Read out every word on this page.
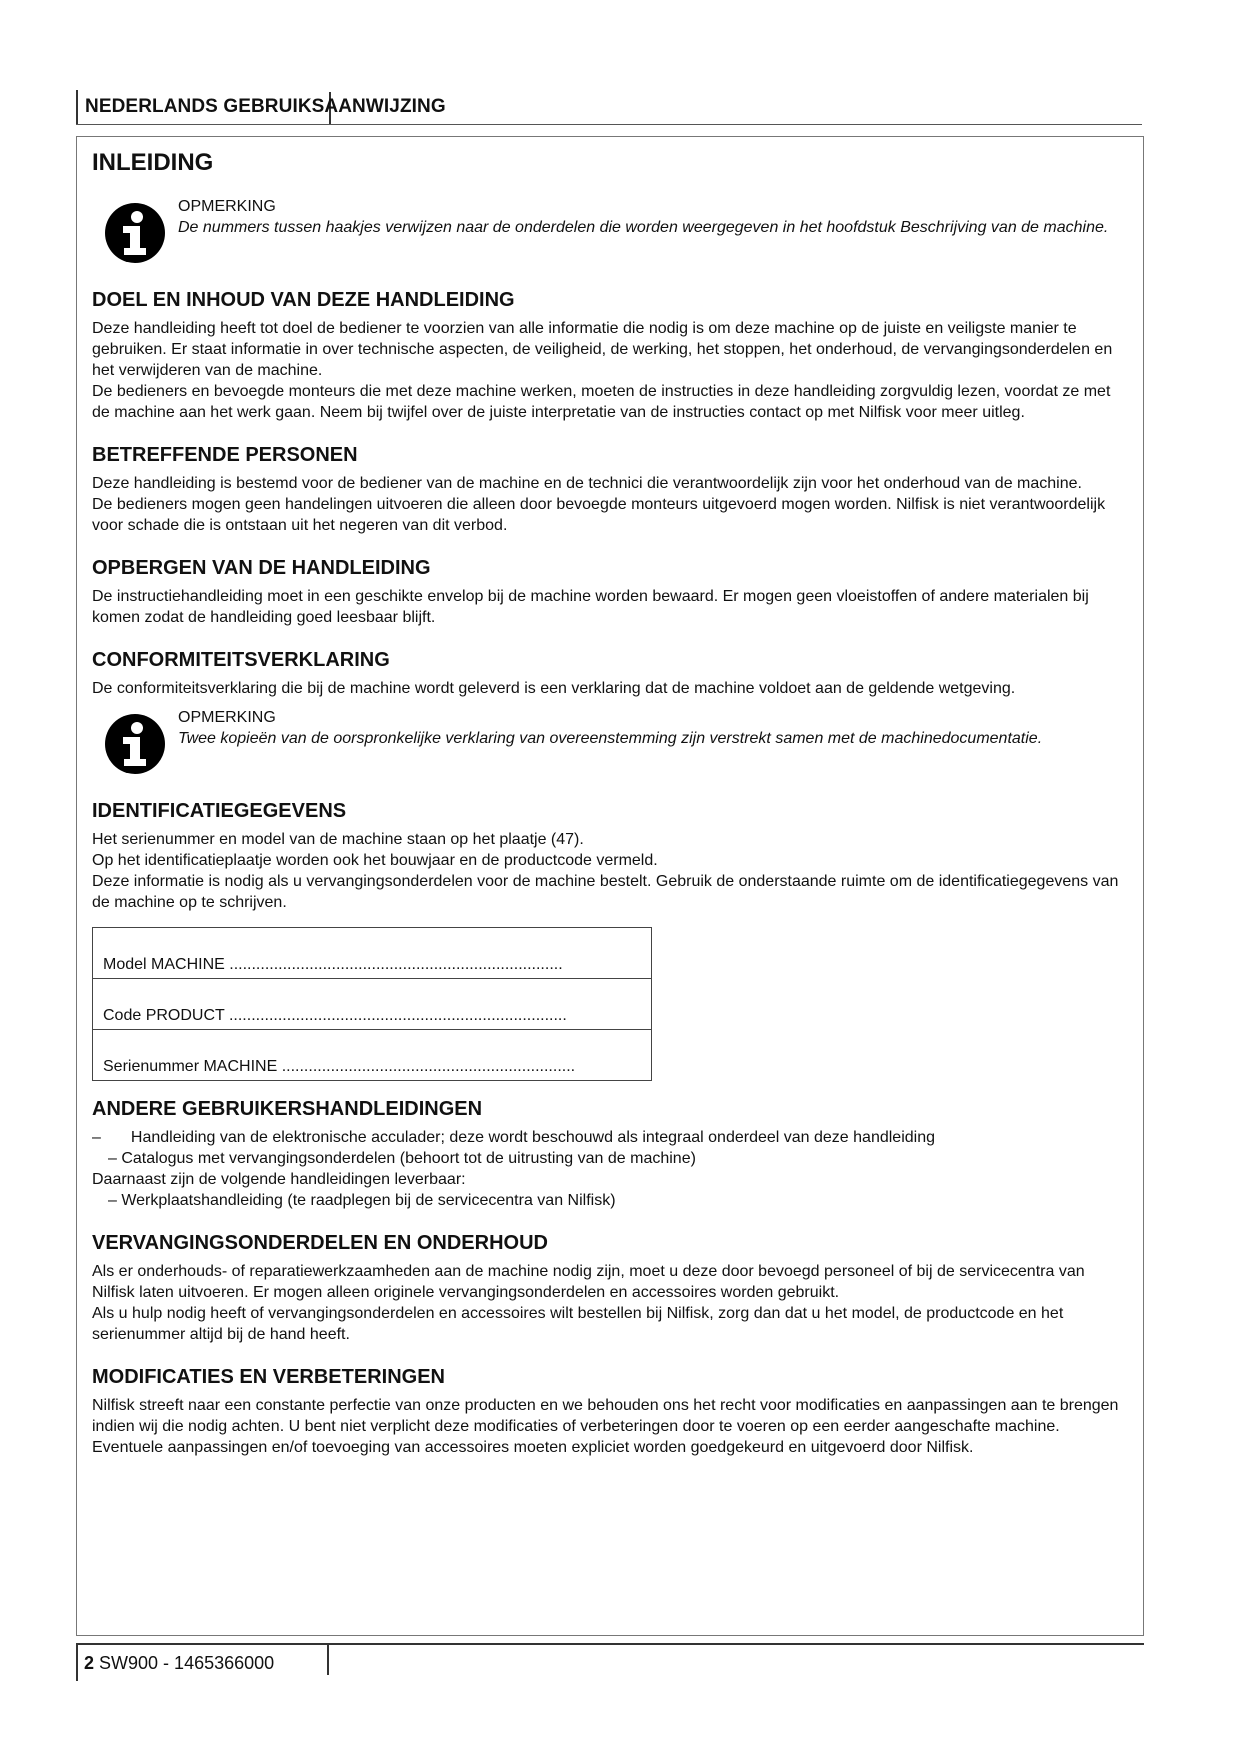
NEDERLANDS GEBRUIKSAANWIJZING
INLEIDING
OPMERKING
De nummers tussen haakjes verwijzen naar de onderdelen die worden weergegeven in het hoofdstuk Beschrijving van de machine.
DOEL EN INHOUD VAN DEZE HANDLEIDING

Deze handleiding heeft tot doel de bediener te voorzien van alle informatie die nodig is om deze machine op de juiste en veiligste manier te gebruiken. Er staat informatie in over technische aspecten, de veiligheid, de werking, het stoppen, het onderhoud, de vervangingsonderdelen en het verwijderen van de machine.

De bedieners en bevoegde monteurs die met deze machine werken, moeten de instructies in deze handleiding zorgvuldig lezen, voordat ze met de machine aan het werk gaan. Neem bij twijfel over de juiste interpretatie van de instructies contact op met Nilfisk voor meer uitleg.

BETREFFENDE PERSONEN

Deze handleiding is bestemd voor de bediener van de machine en de technici die verantwoordelijk zijn voor het onderhoud van de machine.

De bedieners mogen geen handelingen uitvoeren die alleen door bevoegde monteurs uitgevoerd mogen worden. Nilfisk is niet verantwoordelijk voor schade die is ontstaan uit het negeren van dit verbod.

OPBERGEN VAN DE HANDLEIDING

De instructiehandleiding moet in een geschikte envelop bij de machine worden bewaard. Er mogen geen vloeistoffen of andere materialen bij komen zodat de handleiding goed leesbaar blijft.

CONFORMITEITSVERKLARING

De conformiteitsverklaring die bij de machine wordt geleverd is een verklaring dat de machine voldoet aan de geldende wetgeving.

OPMERKING
Twee kopieën van de oorspronkelijke verklaring van overeenstemming zijn verstrekt samen met de machinedocumentatie.
IDENTIFICATIEGEGEVENS

Het serienummer en model van de machine staan op het plaatje (47).

Op het identificatieplaatje worden ook het bouwjaar en de productcode vermeld.

Deze informatie is nodig als u vervangingsonderdelen voor de machine bestelt. Gebruik de onderstaande ruimte om de identificatiegegevens van de machine op te schrijven.

Model MACHINE ...........................................................................
Code PRODUCT ............................................................................
Serienummer MACHINE ..................................................................
ANDERE GEBRUIKERSHANDLEIDINGEN

– Handleiding van de elektronische acculader; deze wordt beschouwd als integraal onderdeel van deze handleiding

– Catalogus met vervangingsonderdelen (behoort tot de uitrusting van de machine)

Daarnaast zijn de volgende handleidingen leverbaar:

– Werkplaatshandleiding (te raadplegen bij de servicecentra van Nilfisk)

VERVANGINGSONDERDELEN EN ONDERHOUD

Als er onderhouds- of reparatiewerkzaamheden aan de machine nodig zijn, moet u deze door bevoegd personeel of bij de servicecentra van Nilfisk laten uitvoeren. Er mogen alleen originele vervangingsonderdelen en accessoires worden gebruikt.

Als u hulp nodig heeft of vervangingsonderdelen en accessoires wilt bestellen bij Nilfisk, zorg dan dat u het model, de productcode en het serienummer altijd bij de hand heeft.

MODIFICATIES EN VERBETERINGEN

Nilfisk streeft naar een constante perfectie van onze producten en we behouden ons het recht voor modificaties en aanpassingen aan te brengen indien wij die nodig achten. U bent niet verplicht deze modificaties of verbeteringen door te voeren op een eerder aangeschafte machine.

Eventuele aanpassingen en/of toevoeging van accessoires moeten expliciet worden goedgekeurd en uitgevoerd door Nilfisk.

2 SW900 - 1465366000
